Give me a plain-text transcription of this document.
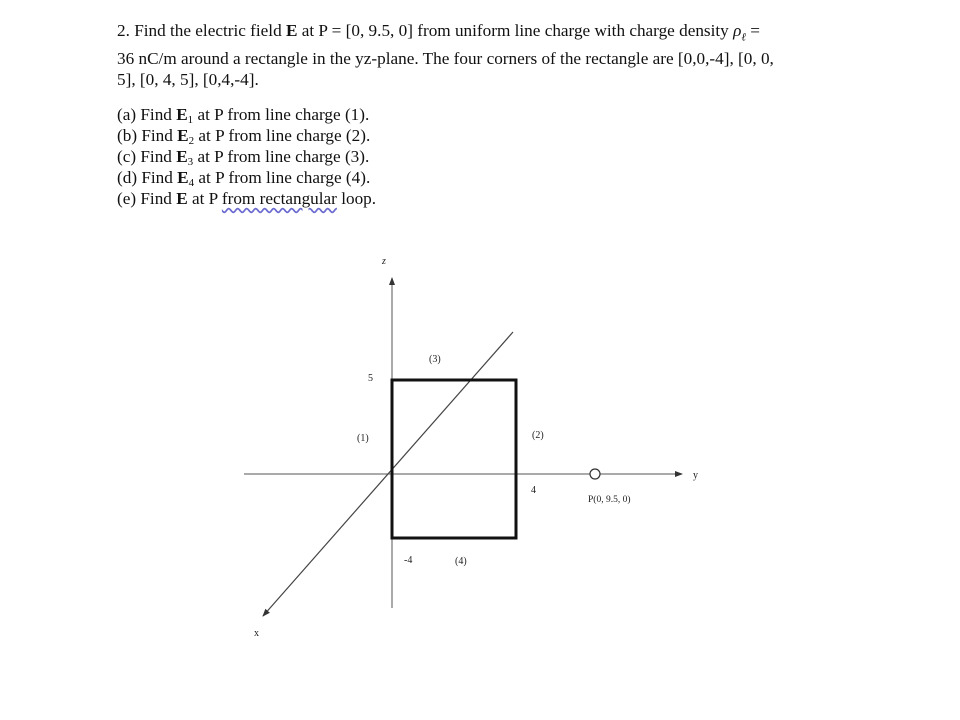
2. Find the electric field E at P = [0, 9.5, 0] from uniform line charge with charge density $\rho_\ell$ =
36 nC/m around a rectangle in the yz-plane. The four corners of the rectangle are [0,0,-4], [0, 0,
5], [0, 4, 5], [0,4,-4].

(a) Find $E_1$ at P from line charge (1).
(b) Find $E_2$ at P from line charge (2).
(c) Find $E_3$ at P from line charge (3).
(d) Find $E_4$ at P from line charge (4).
(e) Find E at P from rectangular loop.
z
y
x
5
4
-4
(1)	(2)
(3)
(4)
P(0, 9.5, 0)
